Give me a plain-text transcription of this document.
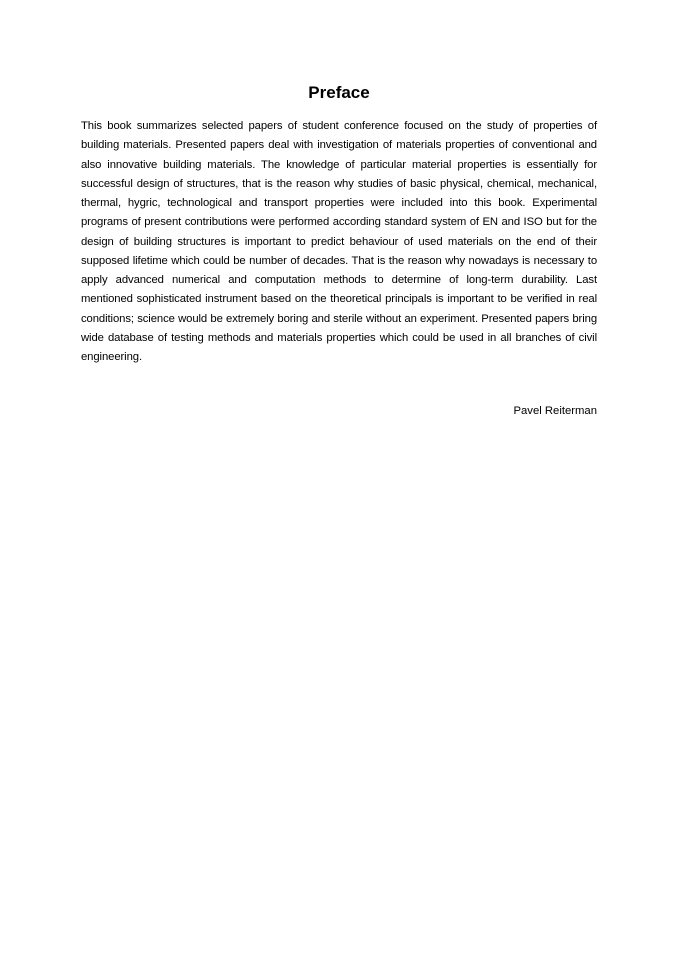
Preface

This book summarizes selected papers of student conference focused on the study of properties of building materials. Presented papers deal with investigation of materials properties of conventional and also innovative building materials. The knowledge of particular material properties is essentially for successful design of structures, that is the reason why studies of basic physical, chemical, mechanical, thermal, hygric, technological and transport properties were included into this book. Experimental programs of present contributions were performed according standard system of EN and ISO but for the design of building structures is important to predict behaviour of used materials on the end of their supposed lifetime which could be number of decades. That is the reason why nowadays is necessary to apply advanced numerical and computation methods to determine of long-term durability. Last mentioned sophisticated instrument based on the theoretical principals is important to be verified in real conditions; science would be extremely boring and sterile without an experiment. Presented papers bring wide database of testing methods and materials properties which could be used in all branches of civil engineering.

Pavel Reiterman
